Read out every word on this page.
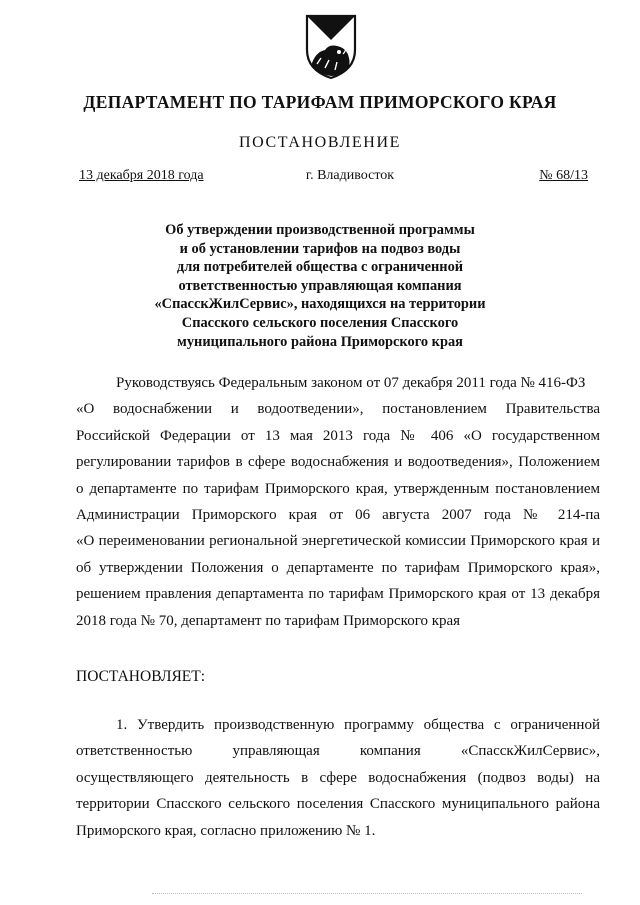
ДЕПАРТАМЕНТ ПО ТАРИФАМ ПРИМОРСКОГО КРАЯ
ПОСТАНОВЛЕНИЕ
13 декабря 2018 года	г. Владивосток	№ 68/13
Об утверждении производственной программы
и об установлении тарифов на подвоз воды
для потребителей общества с ограниченной
ответственностью управляющая компания
«СпасскЖилСервис», находящихся на территории
Спасского сельского поселения Спасского
муниципального района Приморского края
Руководствуясь Федеральным законом от 07 декабря 2011 года № 416-ФЗ
«О водоснабжении и водоотведении», постановлением Правительства
Российской Федерации от 13 мая 2013 года № 406 «О государственном
регулировании тарифов в сфере водоснабжения и водоотведения», Положением
о департаменте по тарифам Приморского края, утвержденным постановлением
Администрации Приморского края от 06 августа 2007 года № 214-па
«О переименовании региональной энергетической комиссии Приморского края и
об утверждении Положения о департаменте по тарифам Приморского края»,
решением правления департамента по тарифам Приморского края от 13 декабря
2018 года № 70, департамент по тарифам Приморского края
ПОСТАНОВЛЯЕТ:
1. Утвердить производственную программу общества с ограниченной
ответственностью управляющая компания «СпасскЖилСервис»,
осуществляющего деятельность в сфере водоснабжения (подвоз воды) на
территории Спасского сельского поселения Спасского муниципального района
Приморского края, согласно приложению № 1.
